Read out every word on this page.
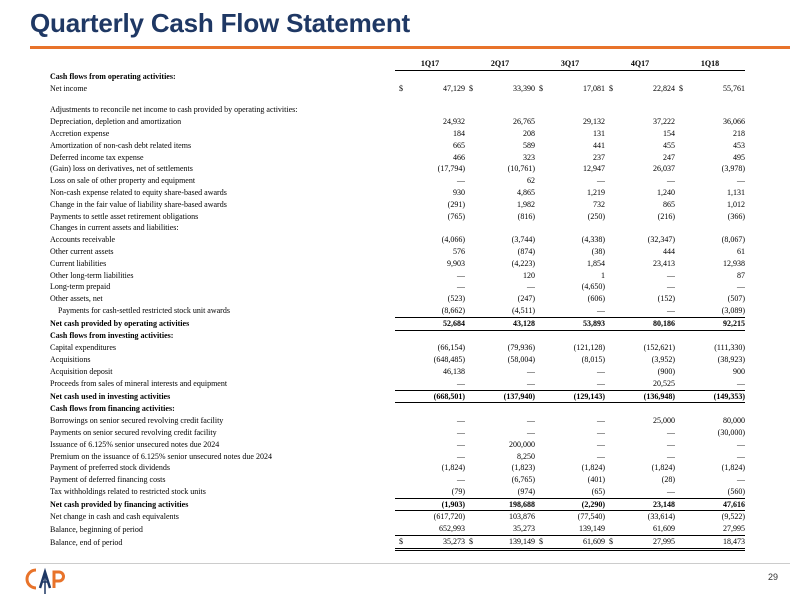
Quarterly Cash Flow Statement
	1Q17	2Q17	3Q17	4Q17	1Q18	
Cash flows from operating activities:						
Net income	$ 47,129	$ 33,390	$ 17,081	$ 22,824	$ 55,761	

Adjustments to reconcile net income to cash provided by operating activities:						
Depreciation, depletion and amortization	24,932	26,765	29,132	37,222	36,066	
Accretion expense	184	208	131	154	218	
Amortization of non-cash debt related items	665	589	441	455	453	
Deferred income tax expense	466	323	237	247	495	
(Gain) loss on derivatives, net of settlements	(17,794)	(10,761)	12,947	26,037	(3,978)	
Loss on sale of other property and equipment	—	62	—	—	—	
Non-cash expense related to equity share-based awards	930	4,865	1,219	1,240	1,131	
Change in the fair value of liability share-based awards	(291)	1,982	732	865	1,012	
Payments to settle asset retirement obligations	(765)	(816)	(250)	(216)	(366)	
Changes in current assets and liabilities:						
Accounts receivable	(4,066)	(3,744)	(4,338)	(32,347)	(8,067)	
Other current assets	576	(874)	(38)	444	61	
Current liabilities	9,903	(4,223)	1,854	23,413	12,938	
Other long-term liabilities	—	120	1	—	87	
Long-term prepaid	—	—	(4,650)	—	—	
Other assets, net	(523)	(247)	(606)	(152)	(507)	
Payments for cash-settled restricted stock unit awards	(8,662)	(4,511)	—	—	(3,089)	
Net cash provided by operating activities	52,684	43,128	53,893	80,186	92,215	
Cash flows from investing activities:						
Capital expenditures	(66,154)	(79,936)	(121,128)	(152,621)	(111,330)	
Acquisitions	(648,485)	(58,004)	(8,015)	(3,952)	(38,923)	
Acquisition deposit	46,138	—	—	(900)	900	
Proceeds from sales of mineral interests and equipment	—	—	—	20,525	—	
Net cash used in investing activities	(668,501)	(137,940)	(129,143)	(136,948)	(149,353)	
Cash flows from financing activities:						
Borrowings on senior secured revolving credit facility	—	—	—	25,000	80,000	
Payments on senior secured revolving credit facility	—	—	—	—	(30,000)	
Issuance of 6.125% senior unsecured notes due 2024	—	200,000	—	—	—	
Premium on the issuance of 6.125% senior unsecured notes due 2024	—	8,250	—	—	—	
Payment of preferred stock dividends	(1,824)	(1,823)	(1,824)	(1,824)	(1,824)	
Payment of deferred financing costs	—	(6,765)	(401)	(28)	—	
Tax withholdings related to restricted stock units	(79)	(974)	(65)	—	(560)	
Net cash provided by financing activities	(1,903)	198,688	(2,290)	23,148	47,616	
Net change in cash and cash equivalents	(617,720)	103,876	(77,540)	(33,614)	(9,522)	
Balance, beginning of period	652,993	35,273	139,149	61,609	27,995	
Balance, end of period	$ 35,273	$ 139,149	$ 61,609	$ 27,995	18,473	
29
